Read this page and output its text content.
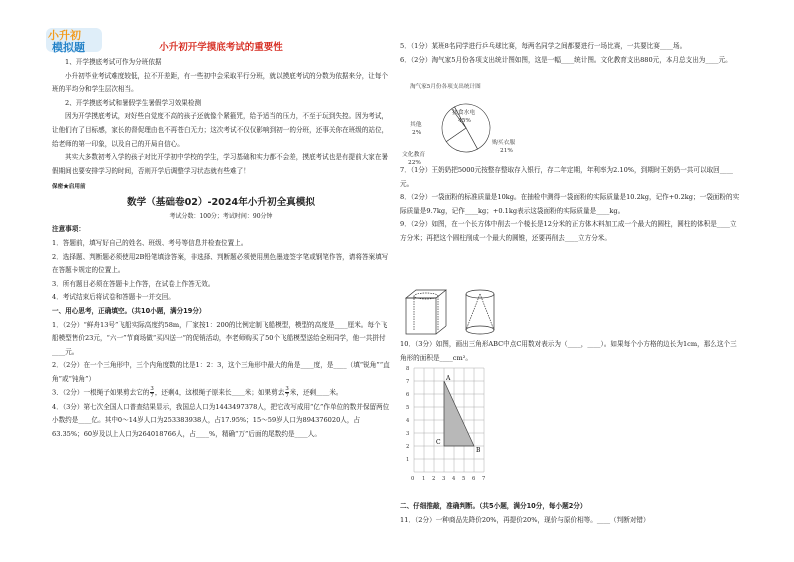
小升初
模拟题	小升初开学摸底考试的重要性

1、开学摸底考试可作为分班依据

小升初毕业考试难度较低，拉不开差距，有一些初中会采取平行分班，就以摸底考试的分数为依据来分，让每个班的平均分和学生层次相当。

2、开学摸底考试和暑假学生暑假学习效果检测

因为开学摸底考试，对好些自觉度不高的孩子还就像个紧箍咒，给予适当的压力，不至于玩到失控。因为考试，让他们有了目标感，家长的督促理由也不再苍白无力；这次考试不仅仅影响到初一的分班，还事关你在班级的站位，给老师的第一印象，以及自己的开局自信心。

其实大多数初考入学的孩子对比开学初中学校的学生，学习基础和实力都不会差，摸底考试也是有提前大家在暑假期间也要安排学习的时间，否则开学后调整学习状态就有些难了！

保密★启用前
数学（基础卷02）-2024年小升初全真模拟
考试分数：100分；考试时间：90分钟

注意事项：

1．答题前，填写好自己的姓名、班级、考号等信息并检查位置上。

2．选择题、判断题必须使用2B铅笔填涂答案，非选择、判断题必须使用黑色墨迹签字笔或钢笔作答，请将答案填写在答题卡规定的位置上。

3．所有题目必须在答题卡上作答，在试卷上作答无效。

4．考试结束后将试卷和答题卡一并交回。

一、用心思考，正确填空。（共10小题，满分19分）

1．（2分）“鲜舟13号”飞船实际高度约58m，厂家按1：200的比例定制飞船模型，模型的高度是____厘米。每个飞船模型售价23元，“六一”节商场做“买四送一”的促销活动，李老师购买了50个飞船模型送给全班同学，他一共拼付____元。

2．（2分）在一个三角形中，三个内角度数的比是1：2：3，这个三角形中最大的角是____度，是____（填“锐角”“直角”或“钝角”）

3．（2分）一根绳子如果剪去它的 $\frac{3}{7}$ ，还剩4，这根绳子原来长____米；如果剪去 $\frac{3}{7}$ 米，还剩____米。

4．（3分）第七次全国人口普查结果显示，我国总人口为1443497378人，把它改写成用“亿”作单位的数并保留两位小数约是____亿。其中0～14岁人口为253383938人，占17.95%；15～59岁人口为894376020人，占63.35%；60岁及以上人口为264018766人，占____%，精确“万”后面的尾数约是____人。

5．（1分）某班8名同学进行乒乓球比赛，每两名同学之间都要进行一场比赛，一共要比赛____场。

6．（2分）淘气家5月份各项支出统计图如图，这是一幅____统计图。文化教育支出880元，本月总支出为____元。

淘气家5月份各项支出统计图
扶食水电
45%
购买衣服
21%
文化教育
22%
其他
2%

7．（1分）王奶奶把5000元按整存整取存入银行，存二年定期，年利率为2.10%，到期时王奶奶一共可以取回____元。

8．（2分）一袋面粉的标准质量是10kg。在抽检中测得一袋面粉的实际质量是10.2kg，记作+0.2kg；一袋面粉的实际质量是9.7kg，记作____kg；+0.1kg表示这袋面粉的实际质量是____kg。

9．（2分）如图，在一个长方体中削去一个棱长是12分米的正方体木料加工成一个最大的圆柱，圆柱的体积是____立方分米；再把这个圆柱削成一个最大的圆锥，还要再削去____立方分米。

10．（3分）如图，画出三角形ABC中点C用数对表示为（____，____）。如果每个小方格的边长为1cm，那么这个三角形的面积是____cm²。

A
B
C
0 1 2 3 4 5 6 7
1
2
3
4
5
6
7
8
二、仔细推敲，准确判断。（共5小题，满分10分，每小题2分）

11．（2分）一种商品先降价20%，再提价20%，现价与原价相等。____（判断对错）
